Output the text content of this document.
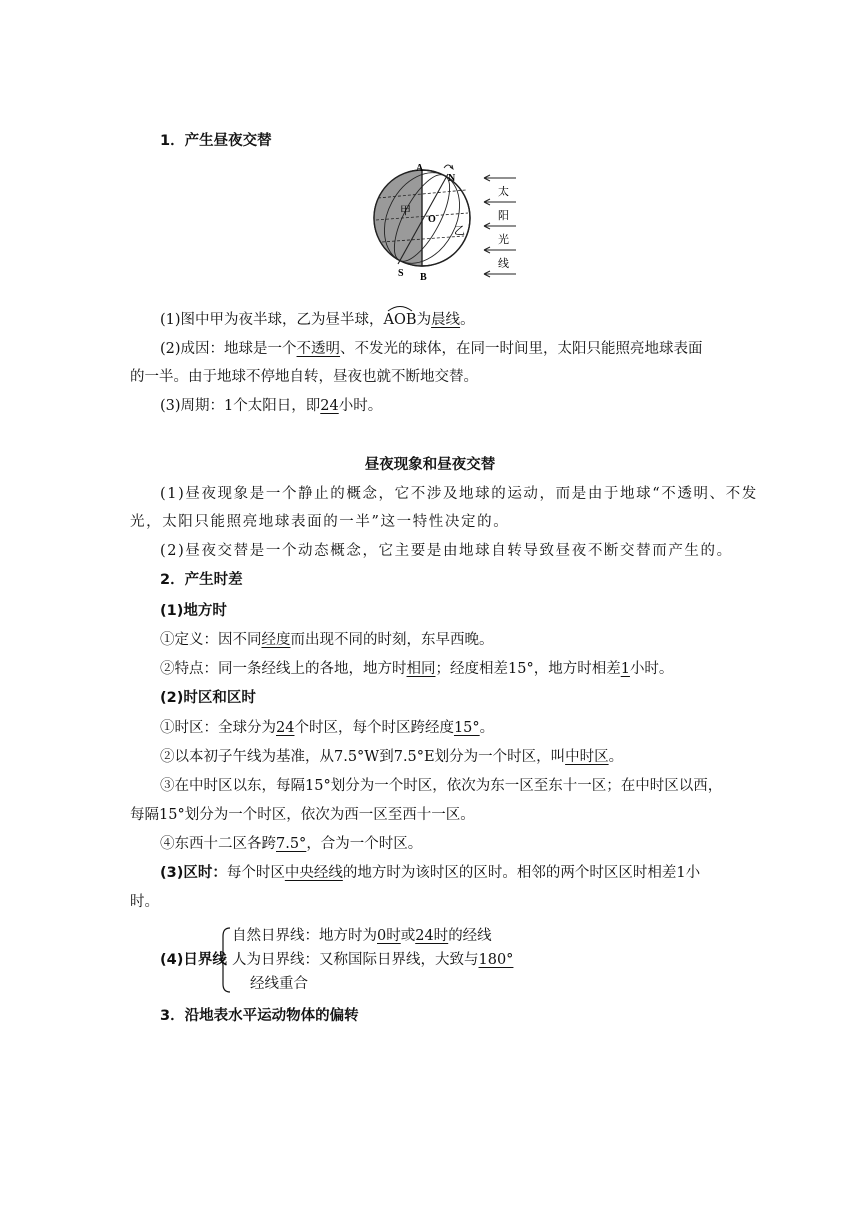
1．产生昼夜交替
A
N
O
S B
甲
乙
太
阳
光
线
(1)图中甲为夜半球，乙为昼半球，AOB
为晨线。
(2)成因：地球是一个不透明、不发光的球体，在同一时间里，太阳只能照亮地球表面
的一半。由于地球不停地自转，昼夜也就不断地交替。
(3)周期：1个太阳日，即24小时。
昼夜现象和昼夜交替
(1)昼夜现象是一个静止的概念，它不涉及地球的运动，而是由于地球“不透明、不发
光，太阳只能照亮地球表面的一半”这一特性决定的。
(2)昼夜交替是一个动态概念，它主要是由地球自转导致昼夜不断交替而产生的。
2．产生时差
(1)地方时
①定义：因不同经度而出现不同的时刻，东早西晚。
②特点：同一条经线上的各地，地方时相同；经度相差15°，地方时相差1小时。
(2)时区和区时
①时区：全球分为24个时区，每个时区跨经度15°。
②以本初子午线为基准，从7.5°W到7.5°E划分为一个时区，叫中时区。
③在中时区以东，每隔15°划分为一个时区，依次为东一区至东十一区；在中时区以西，
每隔15°划分为一个时区，依次为西一区至西十一区。
④东西十二区各跨7.5°，合为一个时区。
(3)区时：每个时区中央经线的地方时为该时区的区时。相邻的两个时区区时相差1小
时。
(4)日界线
自然日界线：地方时为0时或24时的经线
人为日界线：又称国际日界线，大致与180°
经线重合
3．沿地表水平运动物体的偏转
